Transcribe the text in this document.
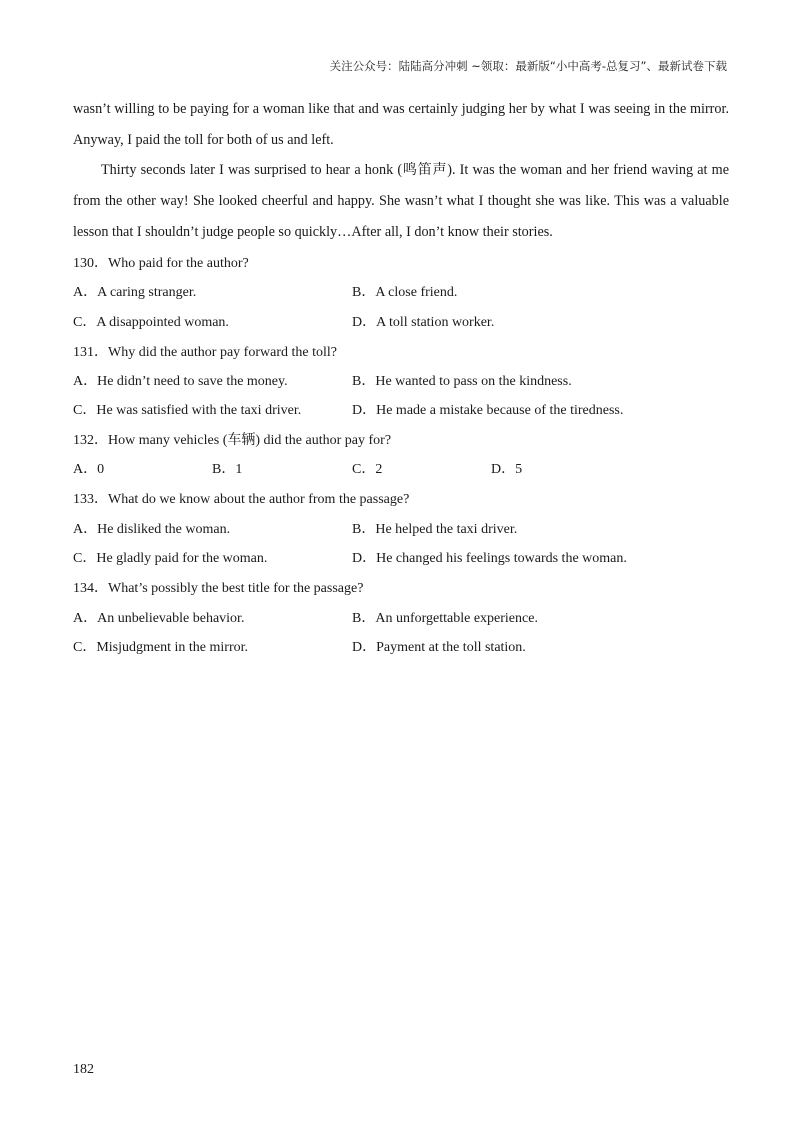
关注公众号：陆陆高分冲刺 ~领取：最新版“小中高考-总复习”、最新试卷下载
wasn’t willing to be paying for a woman like that and was certainly judging her by what I was seeing in the mirror. Anyway, I paid the toll for both of us and left.
Thirty seconds later I was surprised to hear a honk (鸣笛声). It was the woman and her friend waving at me from the other way! She looked cheerful and happy. She wasn’t what I thought she was like. This was a valuable lesson that I shouldn’t judge people so quickly…After all, I don’t know their stories.
130．Who paid for the author?
A．A caring stranger.	B．A close friend.
C．A disappointed woman.	D．A toll station worker.
131．Why did the author pay forward the toll?
A．He didn’t need to save the money.	B．He wanted to pass on the kindness.
C．He was satisfied with the taxi driver.	D．He made a mistake because of the tiredness.
132．How many vehicles (车辆) did the author pay for?
A．0	B．1	C．2	D．5
133．What do we know about the author from the passage?
A．He disliked the woman.	B．He helped the taxi driver.
C．He gladly paid for the woman.	D．He changed his feelings towards the woman.
134．What’s possibly the best title for the passage?
A．An unbelievable behavior.	B．An unforgettable experience.
C．Misjudgment in the mirror.	D．Payment at the toll station.
182
